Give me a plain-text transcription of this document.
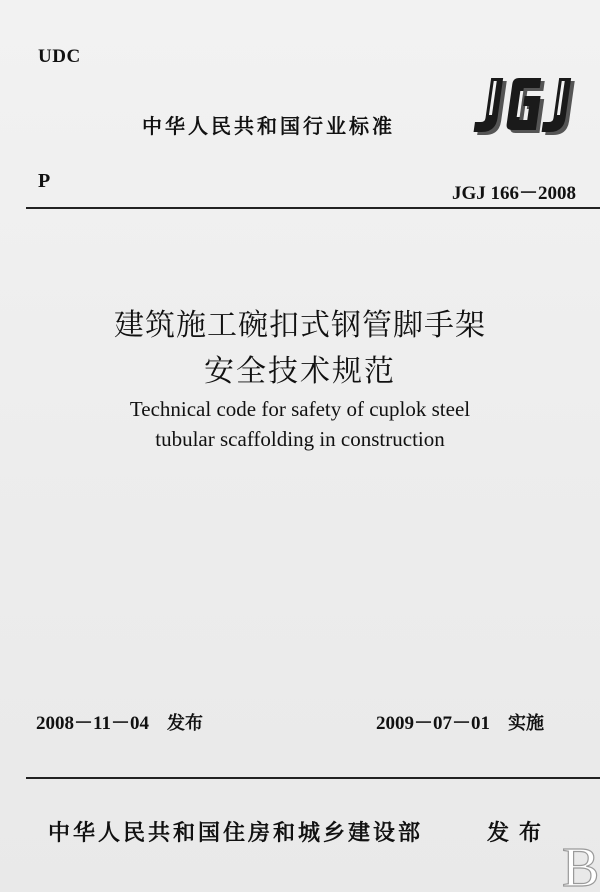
UDC
中华人民共和国行业标准
P
JGJ 166－2008
建筑施工碗扣式钢管脚手架
安全技术规范
Technical code for safety of cuplok steel
tubular scaffolding in construction
2008－11－04 发布	2009－07－01 实施
中华人民共和国住房和城乡建设部	发布
B
